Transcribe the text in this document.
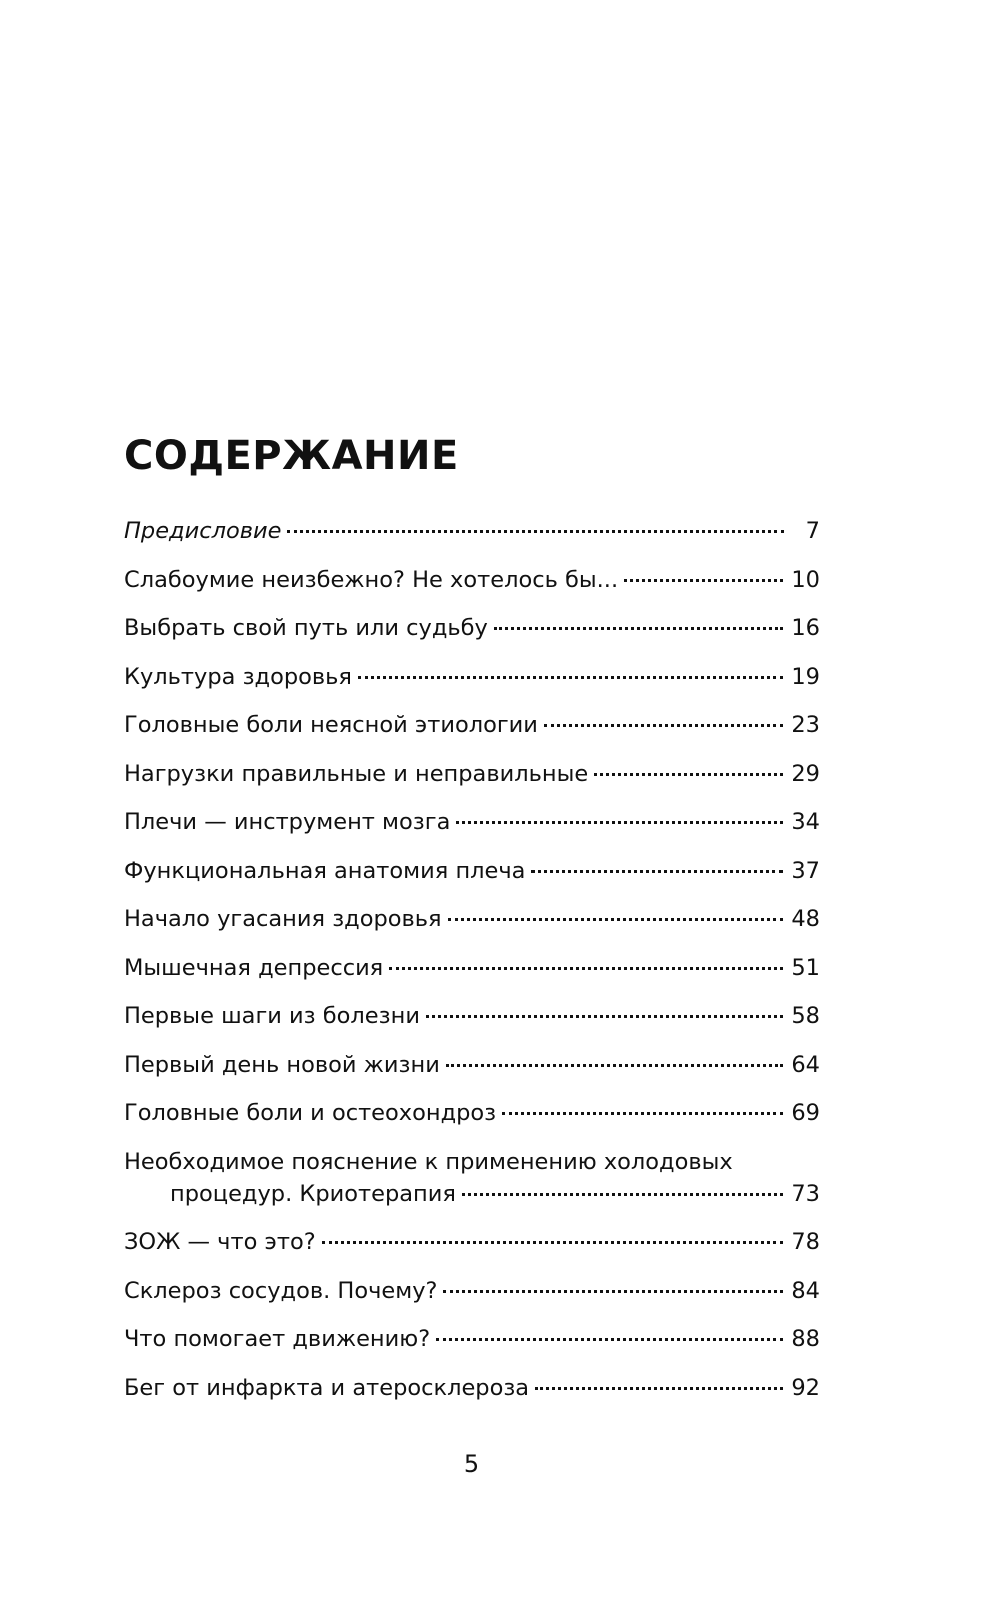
СОДЕРЖАНИЕ
Предисловие	7
Слабоумие неизбежно? Не хотелось бы...	10
Выбрать свой путь или судьбу	16
Культура здоровья	19
Головные боли неясной этиологии	23
Нагрузки правильные и неправильные	29
Плечи — инструмент мозга	34
Функциональная анатомия плеча	37
Начало угасания здоровья	48
Мышечная депрессия	51
Первые шаги из болезни	58
Первый день новой жизни	64
Головные боли и остеохондроз	69
Необходимое пояснение к применению холодовых
процедур. Криотерапия	73
ЗОЖ — что это?	78
Склероз сосудов. Почему?	84
Что помогает движению?	88
Бег от инфаркта и атеросклероза	92
5
